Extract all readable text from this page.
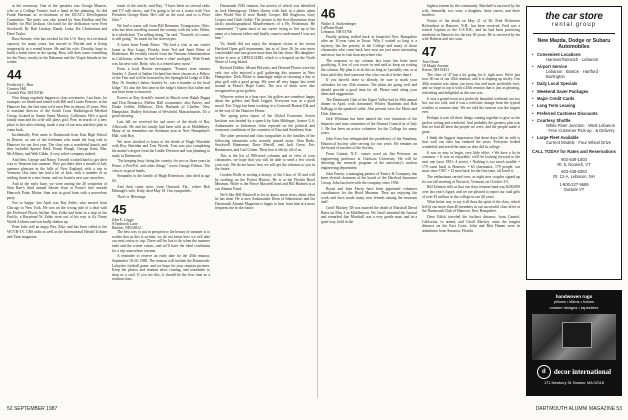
at the ceremony. One of the speakers was George Munroe, who as a College Trustee, had a hand in the planning. So did Frank Hartman as co-chairman of the DCAC's Development Committee. The party was also joined by Sam Hurlbut and Ike Dudley for Phil Jackson. On hand for the dedication were Fred Stockwell, Dr. Bob Lindsay, Randy Lentz, Kit Christensen and Dave Taylor.

Russ Stearns, who has worked for the U.S. Navy in a technical capacity for many years, has moved to Florida and is living temporarily in a rented house. He and his wife, Dorothy, hope to build a home there in the spring. Russ still does some consulting for the Navy, mostly in the Bahamas and the Virgin Islands in the winter.

44

Frederick L. Harr

Country Hill

Cornish Flat, NH 03746

Nice things regularly happen to class secretaries. Last June, for example, we dined and wined with Bill and Louise Penrose, at the Hanover Inn, the first time we'd seen Pete in almost 25 years. Pete is assistant director of the South Coast Radiological Medical Group, located in Sunny Santa Monica, California. He's a good family man and his wife still plays golf. Pete, in search of a new place to live after retiring, made a tour of our area and they plan to come back.

Incidentally, Pete came to Dartmouth from East High School in Denver, as one of the freshmen who made the long trek to Hanover for our first year. The class was a wonderful bunch, and they included Spence Reid, Frank Waugh, George Kent, Mac McAllister, and Walt Gibbs. A very select company indeed.

And then, George and Nancy Tressell worked hard to get their way to Vermont last summer. They got there after a month of July summer pleasure in the hills of New England, with a trip to Vermont. Our class has had a bit of luck, with a number of us settling down in a new home, and we found a new one ourselves.

And in the early June, we were among the 20 recipients of Stan Barr's third annual lobster feast at Pease's fine seaside Hancock Point, Maine. Stan was in good form with a marvelous party.

Not so happy: last April was Ray Zeike, who moved from Chicago to New York. He was on the wrong side of a deal with the Preferred Flyers Airline. Ray Zeike had been in a ship in the Pacific, a Raymond W. Zeike went out of his way to fly Times World Airlines and was badly shaken up.

Peter Joke still an angry Rev. Zike, and has been called to the WCVB-TV, CBS radio as well as the International Herald Tribune and Time magazine.

result of the article, said Ray, "I have been on several radio and TV talk shows, and I'm going to be on a cruise with Vice President George Bush. He's still on the road, and so is Peter Joke."

We had a warm call from Bill Reinman, Youngstown, Ohio, who has been traveling around the country with his wife, Helen, in a wheelchair. "I'm rolling along," he said. "Yourself, of course, is still going." So much for the stereotypes.

A letter from Frank Potter: "We had a visit at our winter home in Key Largo, Florida, from Ted and Janet Bitter of Bradenton. He recently retired from the Veterans Administration in California, where he had been a chief urologist. With Frank was his new wife, Betty, who is a retired navy nurse."

From a local Boston newspaper: "Former state senator Stanley J. Zarod of Indian Orchard has been chosen as a Fellow of the Year and will be honored by the Springfield Lodge of Elks May 16. Stanley's father, Stanley Sr., was a founder of the local lodge." It's also the first time in the lodge's history that father and son have been so honored.

Forrest ar Roy Arnold's turned in March were Ralph Bagan and Don Demarest, Mellen Hall roommates, also Emery, and Drake Griffin, Hillsboro, Dick Burbank of Chaffee, New Hampshire, Dudley Ketchum of Westfield, Massachusetts. It's a good showing.

Last fall we received the sad news of the death of Roy Allsworth. He and his family had been with us at Middlebury. Many of us remember our freshman year in New Hampshire's Hall, with Roy.

We were shocked to learn of the death of Hugh Winslade with Roy Sheridan and Tom Woods. Tom was just completing his master's degree from the Lindle Division and was planning to study at Dartmouth.

"I'm keeping busy fixing the country for two or three years in Pence, a Pen-Pal, and other things," wrote George Ellison. The class is in good hands.

Sympathy to the family of Hugh Robertson, who died at age 63.

And then came news from Ormond, Fla., where Bob Ebbaugh's wife, Kitty, died May 18. Our sympathies.

That's it. Blessings.

45

John E. Legge

8 Tanbrook Lane

Bartlett, NH 03812

The best way to put in perspective the beauty of summer is to realize that as this is written, we do not know how we will take our next cruise or trip. There will be lots to do when the summer ends and the winter comes, and we'll have the ideal conditions for a trip somewhere warmer.

A reminder to reserve an early date for the 45th reunion, September 18-20, 1988. The reunion will include the Dartmouth-Lafayette football game, and we hope for your reunion pictures. Keep the photos and reunion news coming, and remember to drop us a card. If you see this, it should be the first time as a reunion class.

Dartmouth 1945 reunion, the newest of which was identified as Jack Hemingway. Others shown with Jack in a photo taken after World War II were Buddy Cooper, Bill Rogerson, Gary Cooper and Clark Gable. The picture is the first illustration from Jack's autobiographical Misadventures of a Fly Fisherman. He commented, "I spent most of my career trying to live up to the name of a famous father and finally came to understand I was not him."

Vic Smith did not enjoy the sharpest vision at the recent Hartford Open golf tournament, but as of June 26, he was more comfortable and was given more than his fair share. His daughter-in-law is now at LIFEGUARD, which is a hospital on the North Shore of Long Island.

Richard Dobbie, Mount Holyoke, and Howard Plance were the only two who enjoyed a golf gathering this summer in New Hampshire. Dick Moise is amazingly adept at choosing a day to play golf with a good group. We were all very happy last week around at Pease's Hope Links. The two of them were also recognized as great golfers.

Whoever retires in a boat race, his golfers are somehow happy about the golfers and Ruth Leggett. Everyone was in a good mood. Eric Tripp has been working in a Cornwall Boston Elk and in the way of the Hanover House.

The spring press report of the Global Economic Action Institute was headed by a speech by John Hildinger, former U.S. Ambassador to Indonesia. John reported on the political and economic conditions of the countries of East and Southeast Asia.

The other personal and class sympathies to the families of the following classmates who recently passed away: Alan Rudo, Stockwell Huntsman, Dave Merrill, and Jack Gerry, Eric Rasmussen, and Carl Cohen. Their loss is felt by all of us.

This is the list of 800-word columns and in view of your classmates, we hope that you will be able to send a few words your way. We do not know how we will get the columns to you in the future.

Gordon Wolfe is writing a history of the Class of '45 and will be working on the Pocket History. He is at the Florida Hood Museum. Wolfe is the Pierce Maxwell head and Bill Hodnett is at our Alumni Fund.

We'd like Bill Maxwell to let us know more news about what he has done. He is now Ambassador Dean of Admissions and the Dartmouth Alumni Magazine is happy to hear from him at a more frequent rate in the future.

46

Walter A. Stoltenberger

LaPlante Road

Lebanon, NH 03766

Finally getting settled back in beautiful New Hampshire after an 11-year stint in Texas. Why I waited so long is a mystery, but the priority in the College and many of those classmates who come back here now are just more interesting and more fun to visit than anywhere else.

The response to my column last issue has been most gratifying. A few of you wrote in and said to keep on writing the column. My plan is to do this as long as I possibly can, or at least until they find someone else who can do it better than I.

If you haven't done so already, be sure to mark your calendars for our 45th reunion. The plans are going well and should provide a good time for all. Please send along your ideas and suggestions.

The Dartmouth Club of the Upper Valley had its 39th annual dinner in April, with classmates Whitey Burnham and Bob Kellogg at the speakers' table. Also present were Joe Moris and Dick Johnson.

Jack Whitman has been named the vice chairman of the bequests and trust committee of the Alumni Council as of July 1. He has been an active volunteer for the College for many years.

John Ewer has relinquished the presidency of the Simsbury Historical Society after serving for two years. He remains on the board of trustees of the Society.

From Canton, N.Y., comes word on Jim Peterson, an engineering professor at Clarkson University. He will be directing the research program of the university's nuclear engineering department.

John Emery, a managing partner of Emery & Company, has been elected chairman of the board of the Hartford Insurance Group. John has been with the company since 1956.

Bryan and Jean Fairey have been appointed volunteer coordinators for the Hood Museum. They are enjoying the work and have made many new friends among the museum staff.

Geoff Mackey '48 was married the death of Marshall David Bates on May 3 in Middletown. We Geoff attended the funeral and remarked that Marshall was a very gentle man, and in a quiet way, held in the

highest esteem by the community. Marshall is survived by his wife, Samuella, two sons, a daughter, three sisters, and three brothers.

Notice of the death on May 21 of Dr. Fred Wolverine Richardson in Hanover, N.H., has been received. Fred was a retired Captain in the U.S.N.R., and he had been practicing medicine in Hanover for the last 30 years. He is survived by his wife Roberta and two sons.

47

Tom Chase

18 Maple Avenue

Keene, NH 03431

The class of '47 has a lot going for it, right now. We're just now 40 out of our 45th reunion, and it is shaping up nicely. Our 40th reunion was about our most fun and most profitable ever, and we hope to top it with a 45th reunion that is just as pleasing, refreshing and delightful as this one was.

It was a grand event in a perfectly beautiful weekend, not too hot, not too cold, and it was a welcome change from the typical weather at reunion time. We are told the turnout was the largest ever.

Perhaps it was all those things coming together to give us the perfect setting and weekend. And probably the greatest plus was that we had all been the people we were, and the people made it great.

I think the biggest impression that these days left us with is how well our class has endured the years. Everyone looked wonderful and acted the same as they did in college.

It was so easy to begin, very little effort. • We have a lot in common. • It was so enjoyable, we'll be looking forward to the next one (now 1991, 4 years). • Nothing is too much trouble. • 179 came back to Hanover. • 63 classmates, 179 people, our most since 1967. • 12 men back for the first time, all loved it.

The enthusiasm carried over, as eight new couples signed up for our fall meeting at Norwich, Vermont, on October 3-5.

Bill Johnson tells us that our class reunion fund was $200,000 over last year's figure, and we are pleased to report our total gifts of over $1 million to the college in our 40 years.

What better way to say it all than the spirit of the class, which led by our more than 40 members in our successful class drive at the Dartmouth Club of Hanover, New Hampshire.

Dave Edick traveled the furthest distance, from Carmel, California, to attend, and Geoff Mackey came the longest distance on the East Coast. John and Rita Hamm were in attendance from Sarasota, Florida.

the car store
rental group
New Mazda, Dodge or Subaru Automobiles
• Convenient Locations
Hanover/Norwich · Lebanon
• Airport Service
Lebanon · Boston · Hartford · Burlington
• Daily Local Specials
• Weekend Saver Packages
• Major Credit Cards
• Long Term Leasing
• Preferred Customer Discounts
• Courtesy Shuttle
White River Junction · West Lebanon · Free Customer Pick-up · & Delivery
• Large Fleet Available
Current Models · Four Wheel Drive
CALL TODAY for Rates and Reservations
802-649-1003
Rt. 5, Norwich, VT
603-448-6363
Rt. 12-A, Lebanon, NH
1-800-227-9689
Outside VT
handwoven rugs
pillows • kilims • futons
custom designs • tapestries
d	decor international
171 Newbury St. Boston, MA 02116
52 SEPTEMBER 1987	DARTMOUTH ALUMNI MAGAZINE 53
